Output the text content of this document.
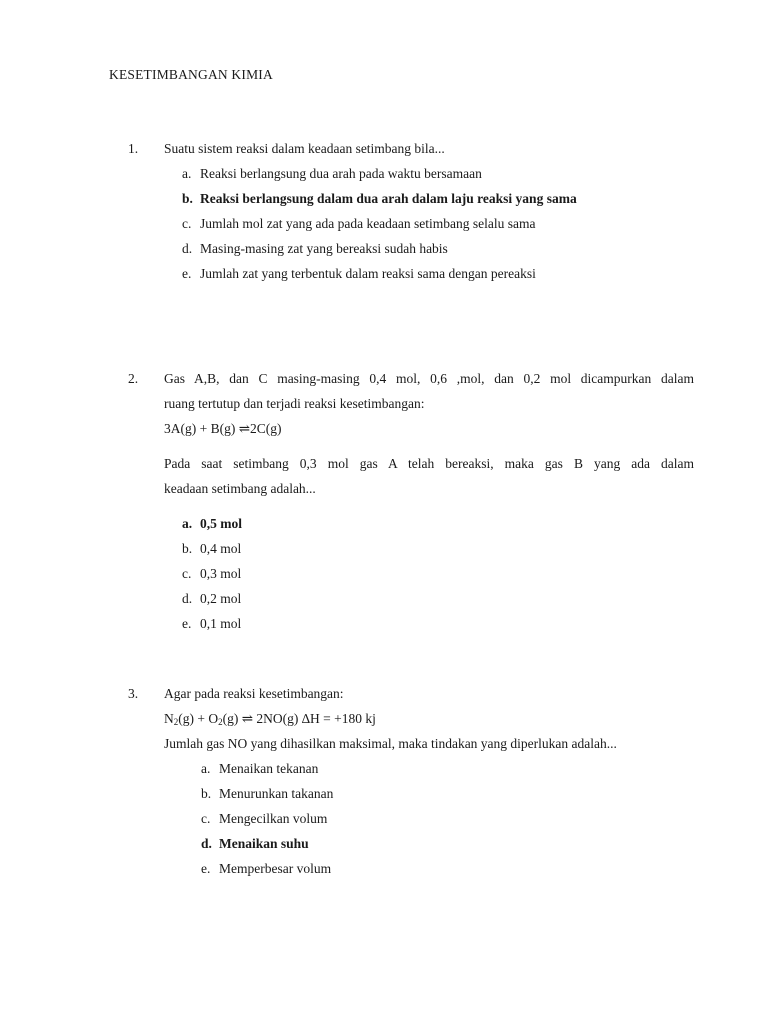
KESETIMBANGAN KIMIA
1. Suatu sistem reaksi dalam keadaan setimbang bila...
a. Reaksi berlangsung dua arah pada waktu bersamaan
b. Reaksi berlangsung dalam dua arah dalam laju reaksi yang sama
c. Jumlah mol zat yang ada pada keadaan setimbang selalu sama
d. Masing-masing zat yang bereaksi sudah habis
e. Jumlah zat yang terbentuk dalam reaksi sama dengan pereaksi
2. Gas A,B, dan C masing-masing 0,4 mol, 0,6 ,mol, dan 0,2 mol dicampurkan dalam
ruang tertutup dan terjadi reaksi kesetimbangan:
3A(g) + B(g) ⇌2C(g)
Pada saat setimbang 0,3 mol gas A telah bereaksi, maka gas B yang ada dalam
keadaan setimbang adalah...
a. 0,5 mol
b. 0,4 mol
c. 0,3 mol
d. 0,2 mol
e. 0,1 mol
3. Agar pada reaksi kesetimbangan:
$N_2(g) + O_2(g)$ ⇌ 2NO(g) ∆H = +180 kj
Jumlah gas NO yang dihasilkan maksimal, maka tindakan yang diperlukan adalah...
a. Menaikan tekanan
b. Menurunkan takanan
c. Mengecilkan volum
d. Menaikan suhu
e. Memperbesar volum
